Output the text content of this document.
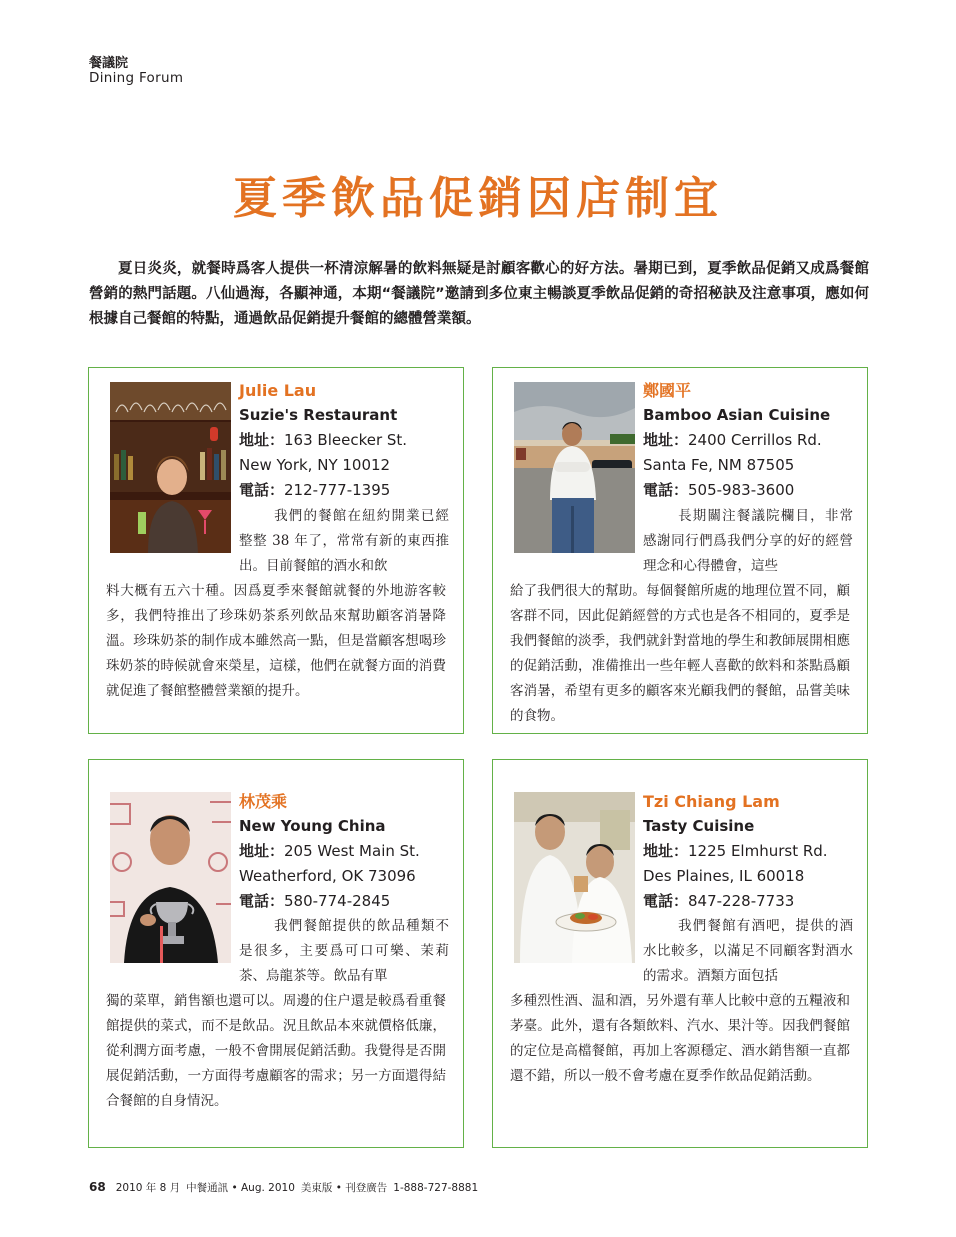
餐議院
Dining Forum
夏季飲品促銷因店制宜

夏日炎炎，就餐時爲客人提供一杯清涼解暑的飲料無疑是討顧客歡心的好方法。暑期已到，夏季飲品促銷又成爲餐館營銷的熱門話題。八仙過海，各顯神通，本期“餐議院”邀請到多位東主暢談夏季飲品促銷的奇招秘訣及注意事項，應如何根據自己餐館的特點，通過飲品促銷提升餐館的總體營業額。

Julie Lau
Suzie's Restaurant
地址：163 Bleecker St.
New York, NY 10012
電話：212-777-1395

我們的餐館在紐約開業已經整整 38 年了，常常有新的東西推出。目前餐館的酒水和飲

料大概有五六十種。因爲夏季來餐館就餐的外地游客較多，我們特推出了珍珠奶茶系列飲品來幫助顧客消暑降溫。珍珠奶茶的制作成本雖然高一點，但是當顧客想喝珍珠奶茶的時候就會來榮星，這樣，他們在就餐方面的消費就促進了餐館整體營業額的提升。

鄭國平
Bamboo Asian Cuisine
地址：2400 Cerrillos Rd.
Santa Fe, NM 87505
電話：505-983-3600

長期關注餐議院欄目，非常感謝同行們爲我們分享的好的經營理念和心得體會，這些

給了我們很大的幫助。每個餐館所處的地理位置不同，顧客群不同，因此促銷經營的方式也是各不相同的，夏季是我們餐館的淡季，我們就針對當地的學生和教師展開相應的促銷活動，准備推出一些年輕人喜歡的飲料和茶點爲顧客消暑，希望有更多的顧客來光顧我們的餐館，品嘗美味的食物。

林茂乘
New Young China
地址：205 West Main St.
Weatherford, OK 73096
電話：580-774-2845

我們餐館提供的飲品種類不是很多，主要爲可口可樂、茉莉茶、烏龍茶等。飲品有單

獨的菜單，銷售額也還可以。周邊的住户還是較爲看重餐館提供的菜式，而不是飲品。況且飲品本來就價格低廉，從利潤方面考慮，一般不會開展促銷活動。我覺得是否開展促銷活動，一方面得考慮顧客的需求；另一方面還得結合餐館的自身情況。

Tzi Chiang Lam
Tasty Cuisine
地址：1225 Elmhurst Rd.
Des Plaines, IL 60018
電話：847-228-7733

我們餐館有酒吧，提供的酒水比較多，以滿足不同顧客對酒水的需求。酒類方面包括

多種烈性酒、温和酒，另外還有華人比較中意的五糧液和茅臺。此外，還有各類飲料、汽水、果汁等。因我們餐館的定位是高檔餐館，再加上客源穩定、酒水銷售額一直都還不錯，所以一般不會考慮在夏季作飲品促銷活動。

68 2010 年 8 月 中餐通訊 • Aug. 2010 美東版 • 刊登廣告 1-888-727-8881
